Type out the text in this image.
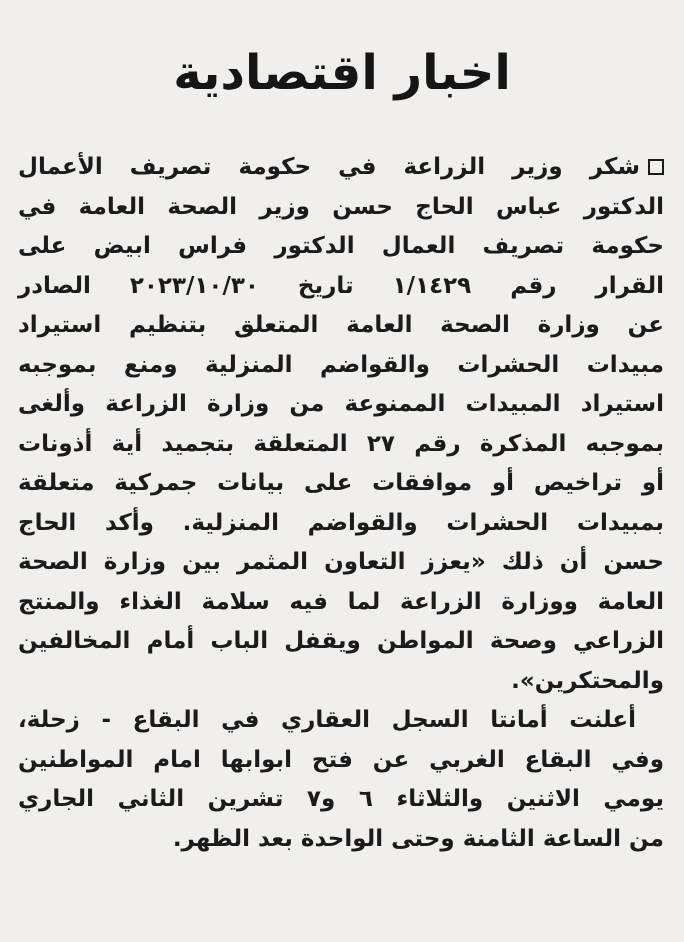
اخبار اقتصادية
شكر وزير الزراعة في حكومة تصريف الأعمال
الدكتور عباس الحاج حسن وزير الصحة العامة في
حكومة تصريف العمال الدكتور فراس ابيض على
القرار رقم ١/١٤٢٩ تاريخ ٢٠٢٣/١٠/٣٠ الصادر
عن وزارة الصحة العامة المتعلق بتنظيم استيراد
مبيدات الحشرات والقواضم المنزلية ومنع بموجبه
استيراد المبيدات الممنوعة من وزارة الزراعة وألغى
بموجبه المذكرة رقم ٢٧ المتعلقة بتجميد أية أذونات
أو تراخيص أو موافقات على بيانات جمركية متعلقة
بمبيدات الحشرات والقواضم المنزلية. وأكد الحاج
حسن أن ذلك «يعزز التعاون المثمر بين وزارة الصحة
العامة ووزارة الزراعة لما فيه سلامة الغذاء والمنتج
الزراعي وصحة المواطن ويقفل الباب أمام المخالفين
والمحتكرين».
أعلنت أمانتا السجل العقاري في البقاع - زحلة،
وفي البقاع الغربي عن فتح ابوابها امام المواطنين
يومي الاثنين والثلاثاء ٦ و٧ تشرين الثاني الجاري
من الساعة الثامنة وحتى الواحدة بعد الظهر.
